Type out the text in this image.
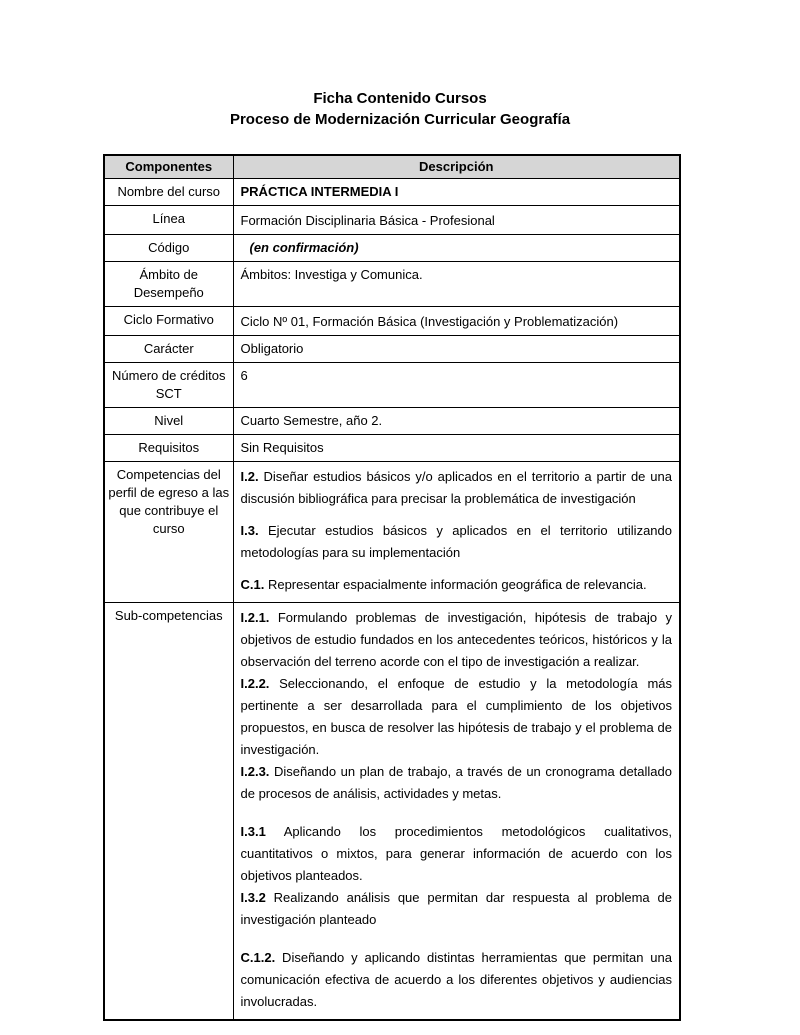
Ficha Contenido Cursos
Proceso de Modernización Curricular Geografía
Componentes	Descripción
Nombre del curso	PRÁCTICA INTERMEDIA I
Línea	Formación Disciplinaria Básica - Profesional
Código	(en confirmación)
Ámbito de Desempeño	Ámbitos: Investiga y Comunica.
Ciclo Formativo	Ciclo Nº 01, Formación Básica (Investigación y Problematización)
Carácter	Obligatorio
Número de créditos SCT	6
Nivel	Cuarto Semestre, año 2.
Requisitos	Sin Requisitos
Competencias del perfil de egreso a las que contribuye el curso	I.2. Diseñar estudios básicos y/o aplicados en el territorio a partir de una discusión bibliográfica para precisar la problemática de investigación

I.3. Ejecutar estudios básicos y aplicados en el territorio utilizando metodologías para su implementación

C.1. Representar espacialmente información geográfica de relevancia.

Sub-competencias	I.2.1. Formulando problemas de investigación, hipótesis de trabajo y objetivos de estudio fundados en los antecedentes teóricos, históricos y la observación del terreno acorde con el tipo de investigación a realizar.

I.2.2. Seleccionando, el enfoque de estudio y la metodología más pertinente a ser desarrollada para el cumplimiento de los objetivos propuestos, en busca de resolver las hipótesis de trabajo y el problema de investigación.

I.2.3. Diseñando un plan de trabajo, a través de un cronograma detallado de procesos de análisis, actividades y metas.

I.3.1 Aplicando los procedimientos metodológicos cualitativos, cuantitativos o mixtos, para generar información de acuerdo con los objetivos planteados.

I.3.2 Realizando análisis que permitan dar respuesta al problema de investigación planteado

C.1.2. Diseñando y aplicando distintas herramientas que permitan una comunicación efectiva de acuerdo a los diferentes objetivos y audiencias involucradas.
